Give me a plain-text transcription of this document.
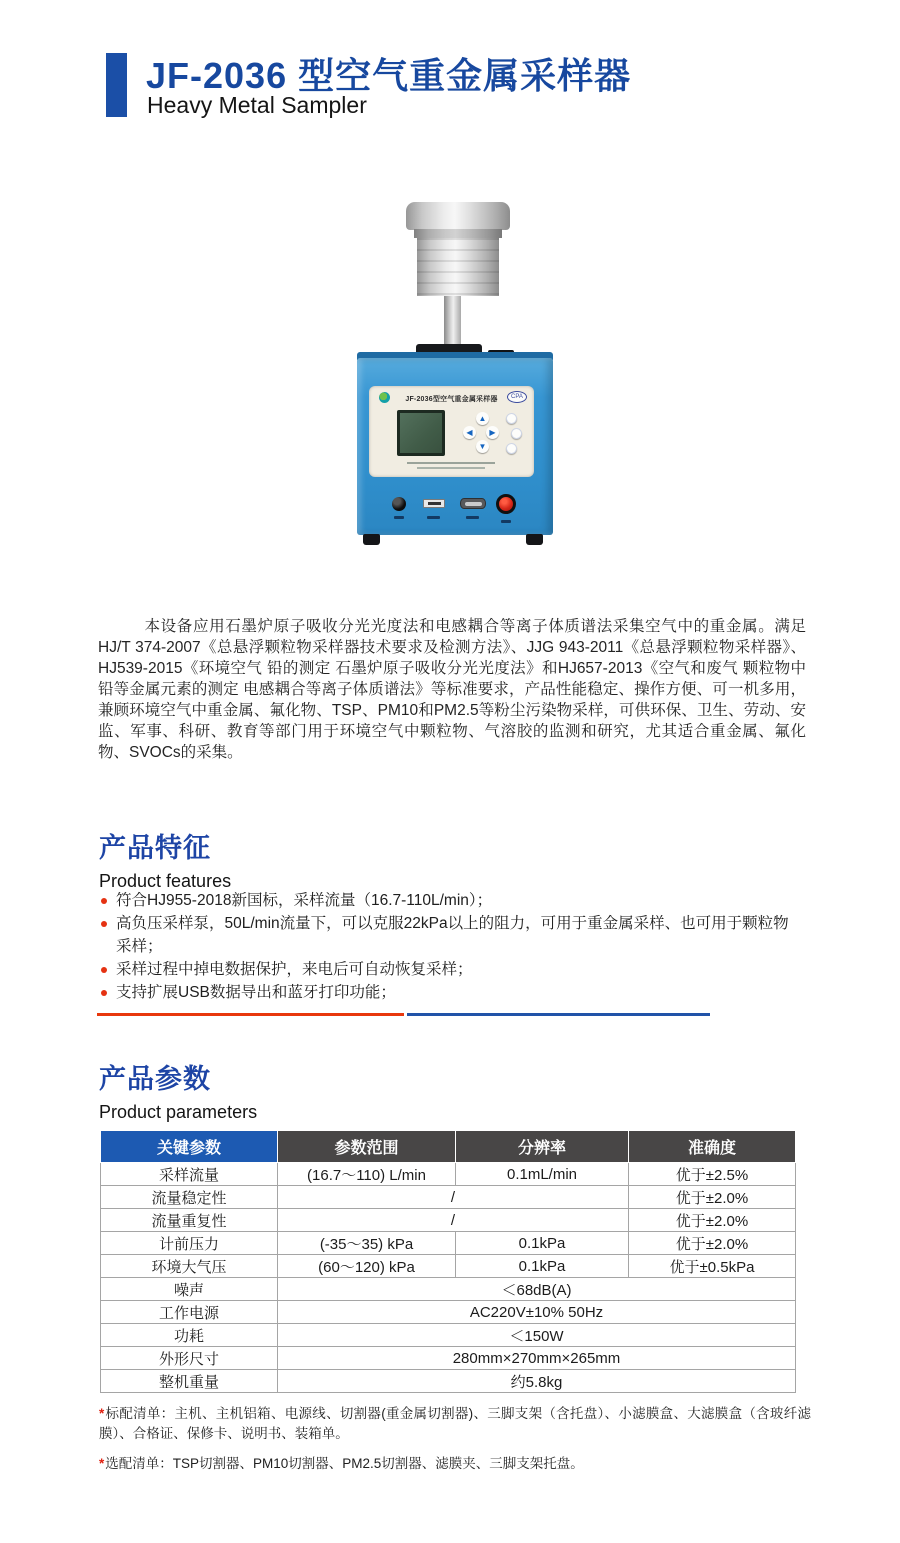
JF-2036 型空气重金属采样器
Heavy Metal Sampler
JF-2036型空气重金属采样器	CPA
▲
◀	▶
▼

本设备应用石墨炉原子吸收分光光度法和电感耦合等离子体质谱法采集空气中的重金属。满足HJ/T 374-2007《总悬浮颗粒物采样器技术要求及检测方法》、JJG 943-2011《总悬浮颗粒物采样器》、HJ539-2015《环境空气 铅的测定 石墨炉原子吸收分光光度法》和HJ657-2013《空气和废气 颗粒物中铅等金属元素的测定 电感耦合等离子体质谱法》等标准要求，产品性能稳定、操作方便、可一机多用，兼顾环境空气中重金属、氟化物、TSP、PM10和PM2.5等粉尘污染物采样，可供环保、卫生、劳动、安监、军事、科研、教育等部门用于环境空气中颗粒物、气溶胶的监测和研究，尤其适合重金属、氟化物、SVOCs的采集。

产品特征
Product features
符合HJ955-2018新国标，采样流量（16.7-110L/min）；
高负压采样泵，50L/min流量下，可以克服22kPa以上的阻力，可用于重金属采样、也可用于颗粒物采样；
采样过程中掉电数据保护，来电后可自动恢复采样；
支持扩展USB数据导出和蓝牙打印功能；
产品参数
Product parameters
关键参数	参数范围	分辨率	准确度
采样流量	(16.7～110) L/min	0.1mL/min	优于±2.5%
流量稳定性	/		优于±2.0%
流量重复性	/		优于±2.0%
计前压力	(-35～35) kPa	0.1kPa	优于±2.0%
环境大气压	(60～120) kPa	0.1kPa	优于±0.5kPa
噪声	＜68dB(A)		
工作电源	AC220V±10% 50Hz		
功耗	＜150W		
外形尺寸	280mm×270mm×265mm		
整机重量	约5.8kg		

*标配清单：主机、主机铝箱、电源线、切割器(重金属切割器)、三脚支架（含托盘）、小滤膜盒、大滤膜盒（含玻纤滤膜）、合格证、保修卡、说明书、装箱单。

*选配清单：TSP切割器、PM10切割器、PM2.5切割器、滤膜夹、三脚支架托盘。
